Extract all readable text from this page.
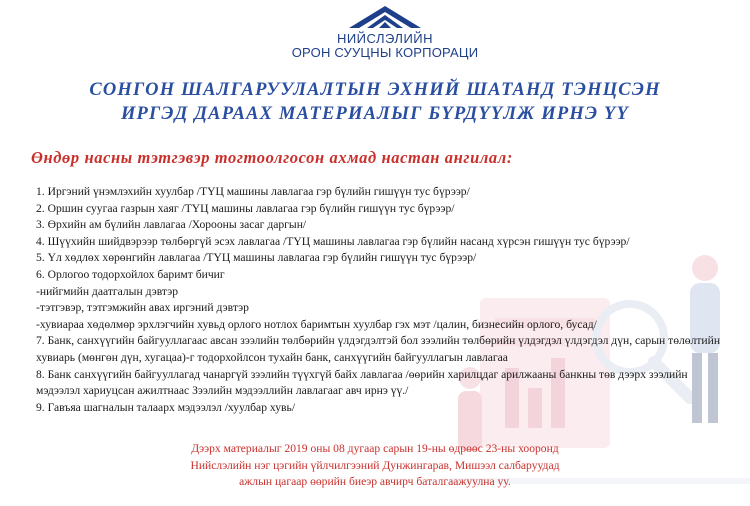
НИЙСЛЭЛИЙН
ОРОН СУУЦНЫ КОРПОРАЦИ
СОНГОН ШАЛГАРУУЛАЛТЫН ЭХНИЙ ШАТАНД ТЭНЦСЭН
ИРГЭД ДАРААХ МАТЕРИАЛЫГ БҮРДҮҮЛЖ ИРНЭ ҮҮ
Өндөр насны тэтгэвэр тогтоолгосон ахмад настан ангилал:
1. Иргэний үнэмлэхийн хуулбар /ТҮЦ машины лавлагаа гэр бүлийн гишүүн тус бүрээр/
2. Оршин суугаа газрын хаяг /ТҮЦ машины лавлагаа гэр бүлийн гишүүн тус бүрээр/
3. Өрхийн ам бүлийн лавлагаа /Хорооны засаг даргын/
4. Шүүхийн шийдвэрээр төлбөргүй эсэх лавлагаа /ТҮЦ машины лавлагаа гэр бүлийн насанд хүрсэн гишүүн тус бүрээр/
5. Үл хөдлөх хөрөнгийн лавлагаа /ТҮЦ машины лавлагаа гэр бүлийн гишүүн тус бүрээр/
6. Орлогоо тодорхойлох баримт бичиг
-нийгмийн даатгалын дэвтэр
-тэтгэвэр, тэтгэмжийн авах иргэний дэвтэр
-хувиараа хөдөлмөр эрхлэгчийн хувьд орлого нотлох баримтын хуулбар гэх мэт /цалин, бизнесийн орлого, бусад/
7. Банк, санхүүгийн байгууллагаас авсан зээлийн төлбөрийн үлдэгдэлтэй бол зээлийн төлбөрийн үлдэгдэл үлдэгдэл дүн, сарын төлөлтийн хувиарь (мөнгөн дүн, хугацаа)-г тодорхойлсон тухайн банк, санхүүгийн байгууллагын лавлагаа
8. Банк санхүүгийн байгууллагад чанаргүй зээлийн түүхгүй байх лавлагаа /өөрийн харилцдаг арилжааны банкны төв дээрх зээлийн мэдээлэл хариуцсан ажилтнаас Зээлийн мэдээллийн лавлагааг авч ирнэ үү./
9. Гавъяа шагналын талаарх мэдээлэл /хуулбар хувь/
Дээрх материалыг 2019 оны 08 дугаар сарын 19-ны өдрөөс 23-ны хооронд
Нийслэлийн нэг цэгийн үйлчилгээний Дунжингарав, Мишээл салбаруудад
ажлын цагаар өөрийн биеэр авчирч баталгаажуулна уу.
